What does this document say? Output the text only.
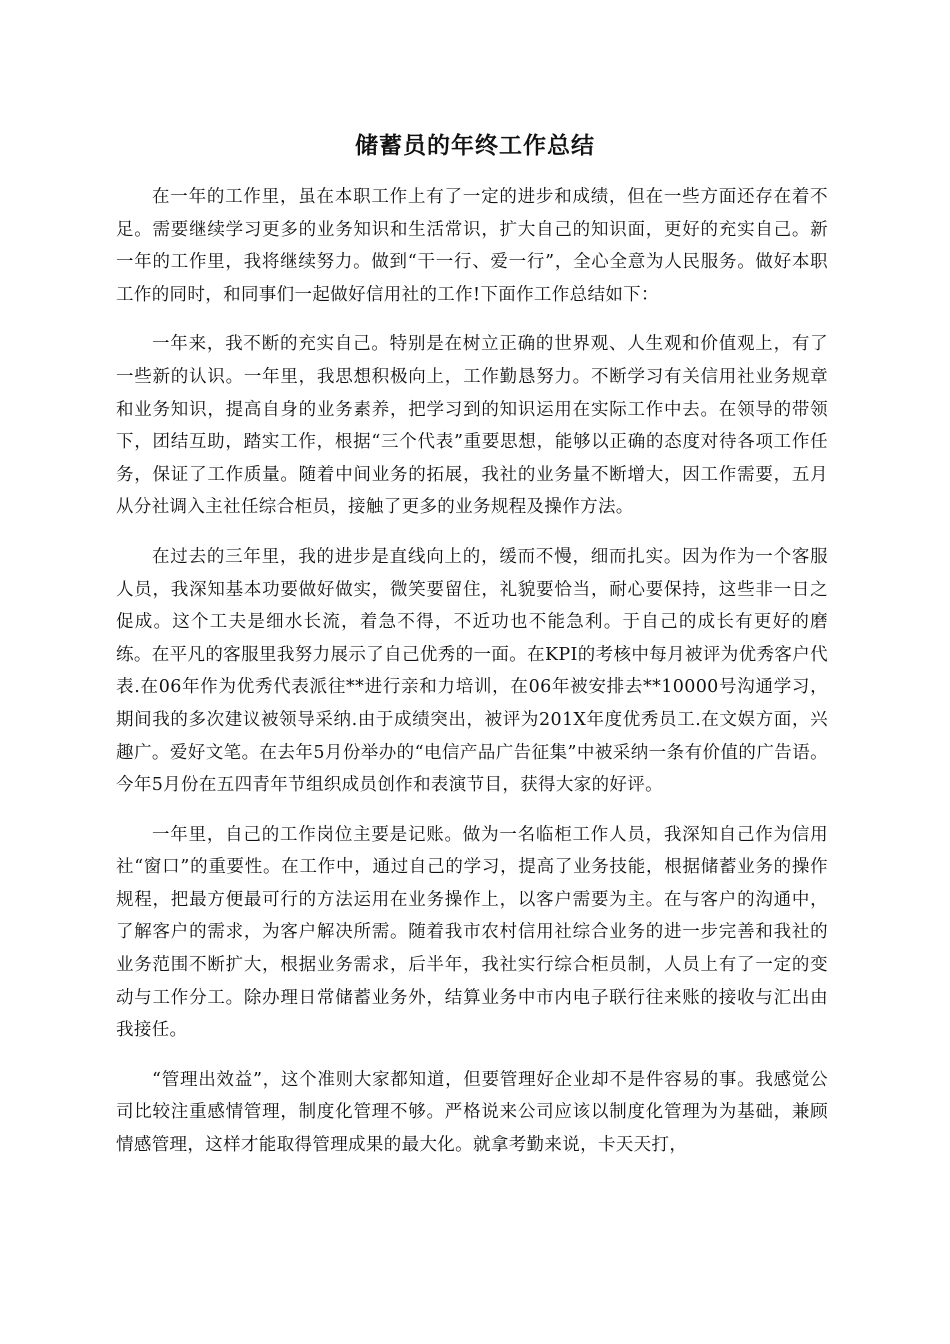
储蓄员的年终工作总结

在一年的工作里，虽在本职工作上有了一定的进步和成绩，但在一些方面还存在着不足。需要继续学习更多的业务知识和生活常识，扩大自己的知识面，更好的充实自己。新一年的工作里，我将继续努力。做到“干一行、爱一行”，全心全意为人民服务。做好本职工作的同时，和同事们一起做好信用社的工作!下面作工作总结如下：

一年来，我不断的充实自己。特别是在树立正确的世界观、人生观和价值观上，有了一些新的认识。一年里，我思想积极向上，工作勤恳努力。不断学习有关信用社业务规章和业务知识，提高自身的业务素养，把学习到的知识运用在实际工作中去。在领导的带领下，团结互助，踏实工作，根据“三个代表”重要思想，能够以正确的态度对待各项工作任务，保证了工作质量。随着中间业务的拓展，我社的业务量不断增大，因工作需要，五月从分社调入主社任综合柜员，接触了更多的业务规程及操作方法。

在过去的三年里，我的进步是直线向上的，缓而不慢，细而扎实。因为作为一个客服人员，我深知基本功要做好做实，微笑要留住，礼貌要恰当，耐心要保持，这些非一日之促成。这个工夫是细水长流，着急不得，不近功也不能急利。于自己的成长有更好的磨练。在平凡的客服里我努力展示了自己优秀的一面。在KPI的考核中每月被评为优秀客户代表.在06年作为优秀代表派往**进行亲和力培训，在06年被安排去**10000号沟通学习，期间我的多次建议被领导采纳.由于成绩突出，被评为201X年度优秀员工.在文娱方面，兴趣广。爱好文笔。在去年5月份举办的“电信产品广告征集”中被采纳一条有价值的广告语。今年5月份在五四青年节组织成员创作和表演节目，获得大家的好评。

一年里，自己的工作岗位主要是记账。做为一名临柜工作人员，我深知自己作为信用社“窗口”的重要性。在工作中，通过自己的学习，提高了业务技能，根据储蓄业务的操作规程，把最方便最可行的方法运用在业务操作上，以客户需要为主。在与客户的沟通中，了解客户的需求，为客户解决所需。随着我市农村信用社综合业务的进一步完善和我社的业务范围不断扩大，根据业务需求，后半年，我社实行综合柜员制，人员上有了一定的变动与工作分工。除办理日常储蓄业务外，结算业务中市内电子联行往来账的接收与汇出由我接任。

“管理出效益”，这个准则大家都知道，但要管理好企业却不是件容易的事。我感觉公司比较注重感情管理，制度化管理不够。严格说来公司应该以制度化管理为为基础，兼顾情感管理，这样才能取得管理成果的最大化。就拿考勤来说，卡天天打，
